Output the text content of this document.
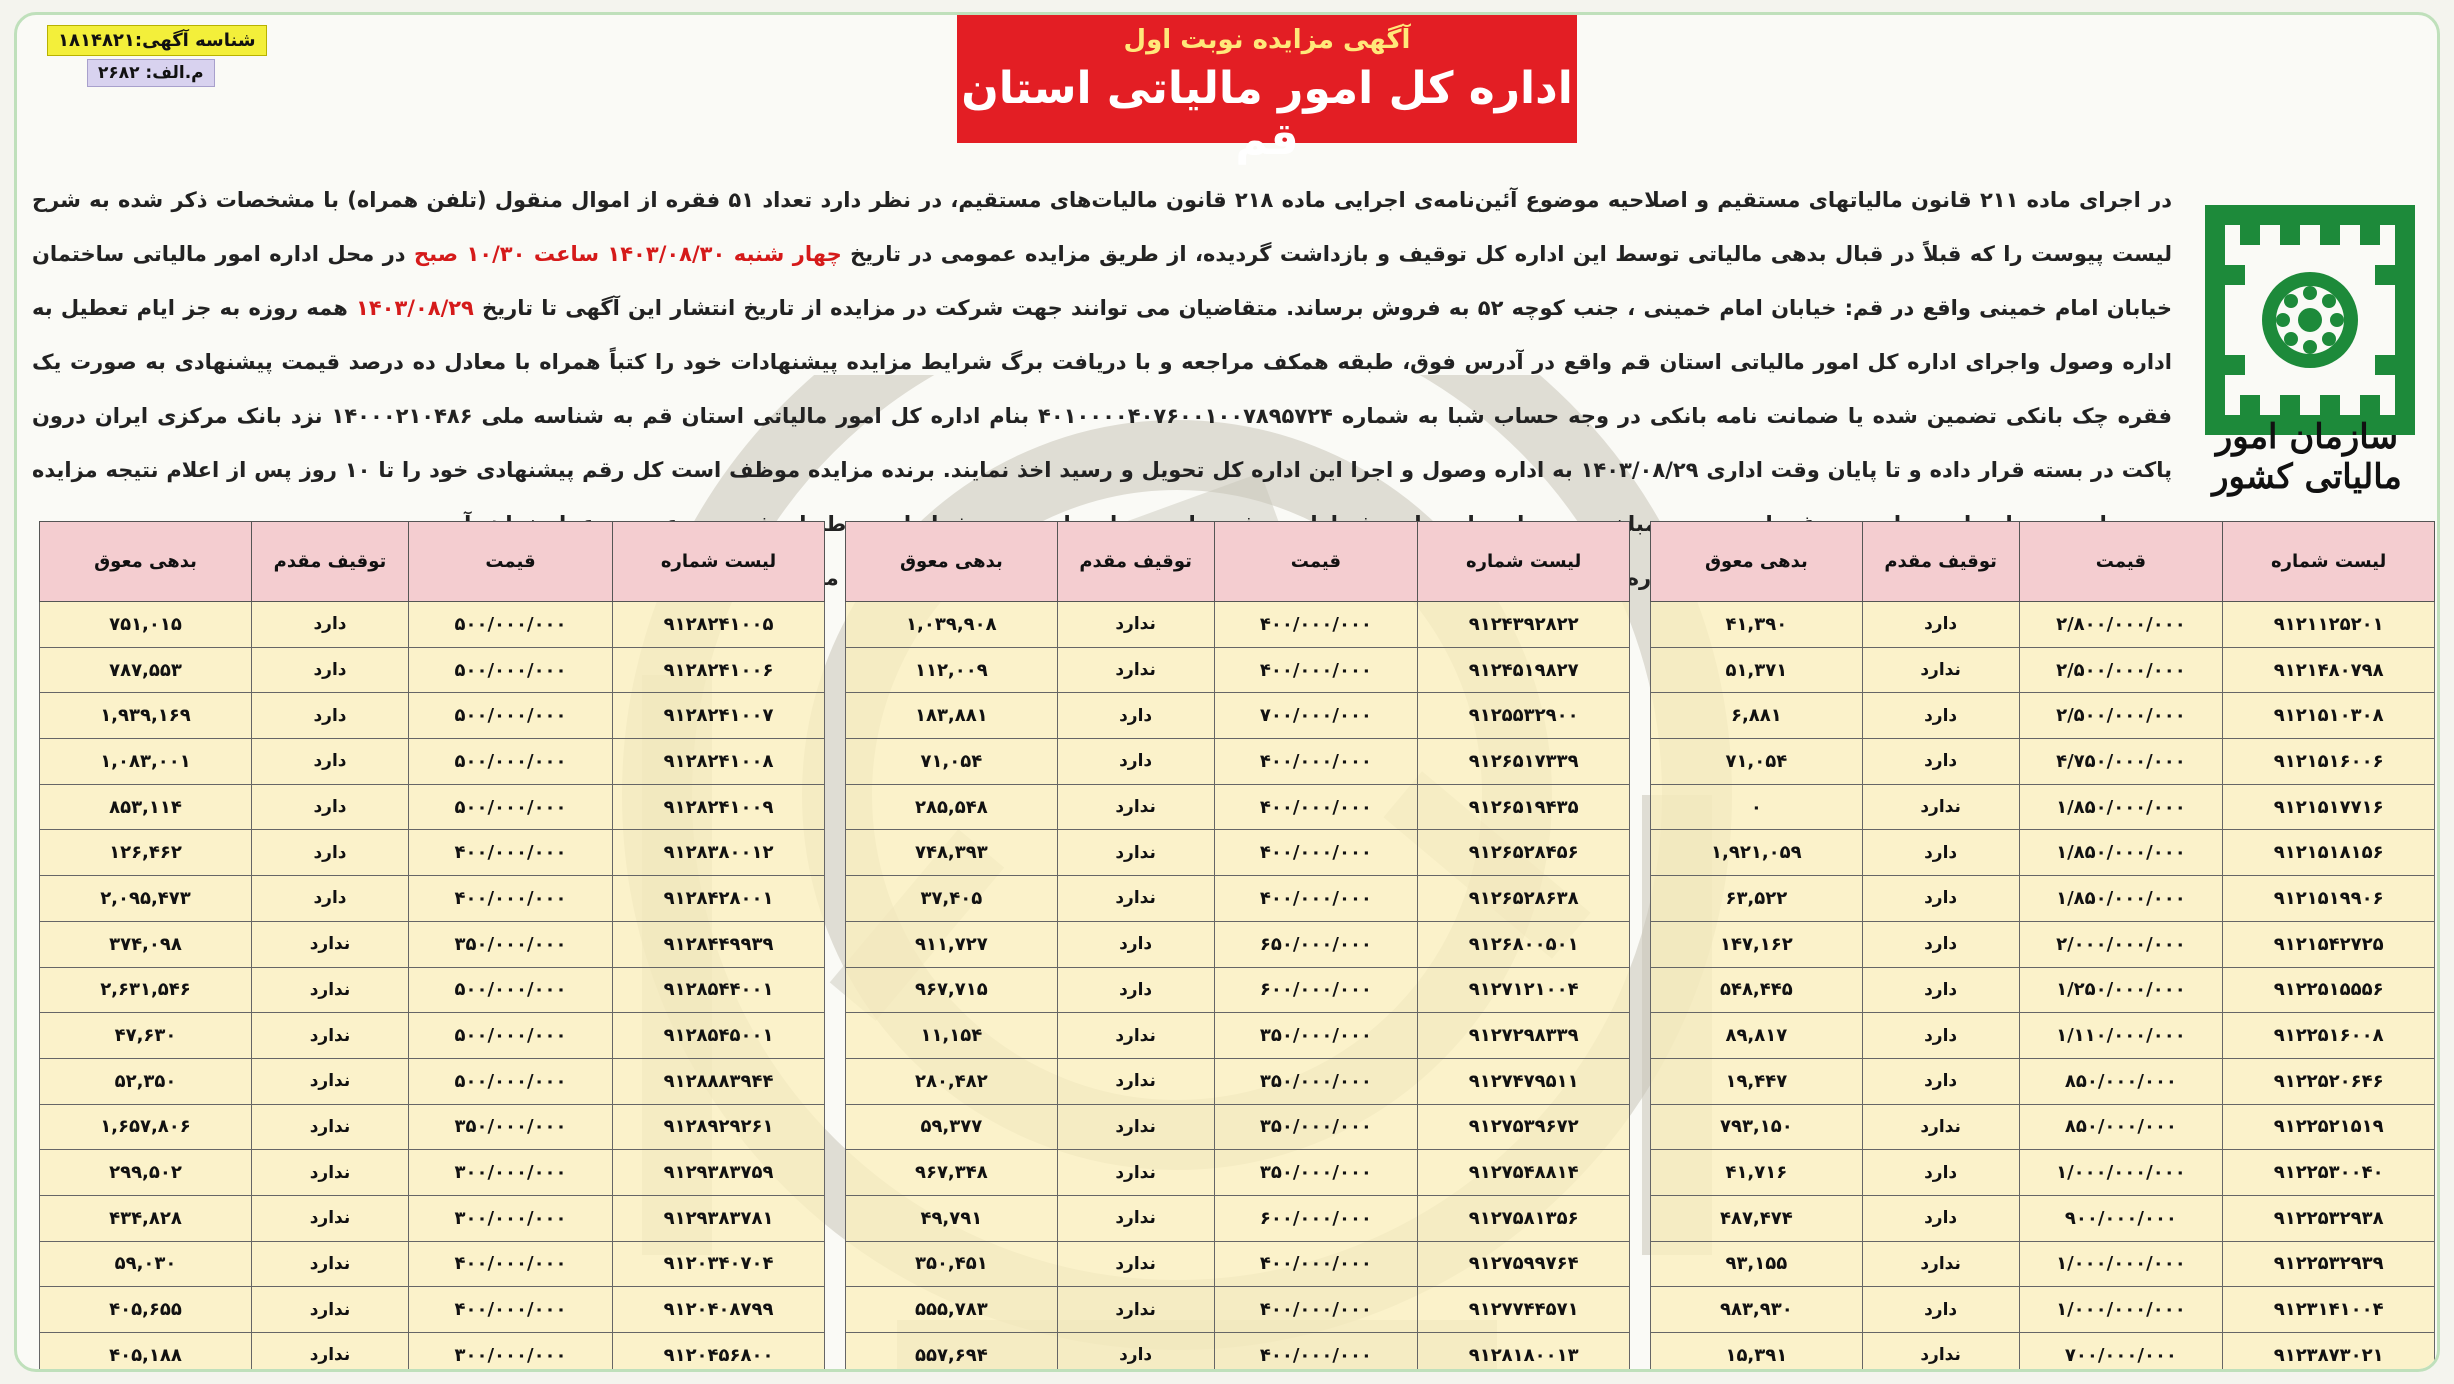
شناسه آگهی:۱۸۱۴۸۲۱
م.الف: ۲۶۸۲
آگهی مزایده نوبت اول
اداره کل امور مالیاتی استان قم
سازمان امور مالیاتی کشور
در اجرای ماده ۲۱۱ قانون مالیاتهای مستقیم و اصلاحیه موضوع آئین‌نامه‌ی اجرایی ماده ۲۱۸ قانون مالیات‌های مستقیم، در نظر دارد تعداد ۵۱ فقره از اموال منقول (تلفن همراه) با مشخصات ذکر شده به شرح لیست پیوست را که قبلاً در قبال بدهی مالیاتی توسط این اداره کل توقیف و بازداشت گردیده، از طریق مزایده عمومی در تاریخ چهار شنبه ۱۴۰۳/۰۸/۳۰ ساعت ۱۰/۳۰ صبح در محل اداره امور مالیاتی ساختمان خیابان امام خمینی واقع در قم: خیابان امام خمینی ، جنب کوچه ۵۲ به فروش برساند. متقاضیان می توانند جهت شرکت در مزایده از تاریخ انتشار این آگهی تا تاریخ ۱۴۰۳/۰۸/۲۹ همه روزه به جز ایام تعطیل به اداره وصول واجرای اداره کل امور مالیاتی استان قم واقع در آدرس فوق، طبقه همکف مراجعه و با دریافت برگ شرایط مزایده پیشنهادات خود را کتباً همراه با معادل ده درصد قیمت پیشنهادی به صورت یک فقره چک بانکی تضمین شده یا ضمانت نامه بانکی در وجه حساب شبا به شماره ۴۰۱۰۰۰۰۴۰۷۶۰۰۱۰۰۷۸۹۵۷۲۴ بنام اداره کل امور مالیاتی استان قم به شناسه ملی ۱۴۰۰۰۲۱۰۴۸۶ نزد بانک مرکزی ایران درون پاکت در بسته قرار داده و تا پایان وقت اداری ۱۴۰۳/۰۸/۲۹ به اداره وصول و اجرا این اداره کل تحویل و رسید اخذ نمایند. برنده مزایده موظف است کل رقم پیشنهادی خود را تا ۱۰ روز پس از اعلام نتیجه مزایده مبلغ

لیست شماره	قیمت	توقیف مقدم	بدهی معوق
۹۱۲۱۱۲۵۲۰۱	۲/۸۰۰/۰۰۰/۰۰۰	دارد	۴۱,۳۹۰
۹۱۲۱۴۸۰۷۹۸	۲/۵۰۰/۰۰۰/۰۰۰	ندارد	۵۱,۳۷۱
۹۱۲۱۵۱۰۳۰۸	۲/۵۰۰/۰۰۰/۰۰۰	دارد	۶,۸۸۱
۹۱۲۱۵۱۶۰۰۶	۴/۷۵۰/۰۰۰/۰۰۰	دارد	۷۱,۰۵۴
۹۱۲۱۵۱۷۷۱۶	۱/۸۵۰/۰۰۰/۰۰۰	ندارد	۰
۹۱۲۱۵۱۸۱۵۶	۱/۸۵۰/۰۰۰/۰۰۰	دارد	۱,۹۲۱,۰۵۹
۹۱۲۱۵۱۹۹۰۶	۱/۸۵۰/۰۰۰/۰۰۰	دارد	۶۳,۵۲۲
۹۱۲۱۵۴۲۷۲۵	۲/۰۰۰/۰۰۰/۰۰۰	دارد	۱۴۷,۱۶۲
۹۱۲۲۵۱۵۵۵۶	۱/۲۵۰/۰۰۰/۰۰۰	دارد	۵۴۸,۴۴۵
۹۱۲۲۵۱۶۰۰۸	۱/۱۱۰/۰۰۰/۰۰۰	دارد	۸۹,۸۱۷
۹۱۲۲۵۲۰۶۴۶	۸۵۰/۰۰۰/۰۰۰	دارد	۱۹,۴۴۷
۹۱۲۲۵۲۱۵۱۹	۸۵۰/۰۰۰/۰۰۰	ندارد	۷۹۳,۱۵۰
۹۱۲۲۵۳۰۰۴۰	۱/۰۰۰/۰۰۰/۰۰۰	دارد	۴۱,۷۱۶
۹۱۲۲۵۳۲۹۳۸	۹۰۰/۰۰۰/۰۰۰	دارد	۴۸۷,۴۷۴
۹۱۲۲۵۳۲۹۳۹	۱/۰۰۰/۰۰۰/۰۰۰	ندارد	۹۳,۱۵۵
۹۱۲۳۱۴۱۰۰۴	۱/۰۰۰/۰۰۰/۰۰۰	دارد	۹۸۳,۹۳۰
۹۱۲۳۸۷۳۰۲۱	۷۰۰/۰۰۰/۰۰۰	ندارد	۱۵,۳۹۱
لیست شماره	قیمت	توقیف مقدم	بدهی معوق
۹۱۲۴۳۹۲۸۲۲	۴۰۰/۰۰۰/۰۰۰	ندارد	۱,۰۳۹,۹۰۸
۹۱۲۴۵۱۹۸۲۷	۴۰۰/۰۰۰/۰۰۰	ندارد	۱۱۲,۰۰۹
۹۱۲۵۵۳۲۹۰۰	۷۰۰/۰۰۰/۰۰۰	دارد	۱۸۳,۸۸۱
۹۱۲۶۵۱۷۳۳۹	۴۰۰/۰۰۰/۰۰۰	دارد	۷۱,۰۵۴
۹۱۲۶۵۱۹۴۳۵	۴۰۰/۰۰۰/۰۰۰	ندارد	۲۸۵,۵۴۸
۹۱۲۶۵۲۸۴۵۶	۴۰۰/۰۰۰/۰۰۰	ندارد	۷۴۸,۳۹۳
۹۱۲۶۵۲۸۶۳۸	۴۰۰/۰۰۰/۰۰۰	ندارد	۳۷,۴۰۵
۹۱۲۶۸۰۰۵۰۱	۶۵۰/۰۰۰/۰۰۰	دارد	۹۱۱,۷۲۷
۹۱۲۷۱۲۱۰۰۴	۶۰۰/۰۰۰/۰۰۰	دارد	۹۶۷,۷۱۵
۹۱۲۷۲۹۸۳۳۹	۳۵۰/۰۰۰/۰۰۰	ندارد	۱۱,۱۵۴
۹۱۲۷۴۷۹۵۱۱	۳۵۰/۰۰۰/۰۰۰	ندارد	۲۸۰,۴۸۲
۹۱۲۷۵۳۹۶۷۲	۳۵۰/۰۰۰/۰۰۰	ندارد	۵۹,۳۷۷
۹۱۲۷۵۴۸۸۱۴	۳۵۰/۰۰۰/۰۰۰	ندارد	۹۶۷,۳۴۸
۹۱۲۷۵۸۱۳۵۶	۶۰۰/۰۰۰/۰۰۰	ندارد	۴۹,۷۹۱
۹۱۲۷۵۹۹۷۶۴	۴۰۰/۰۰۰/۰۰۰	ندارد	۳۵۰,۴۵۱
۹۱۲۷۷۴۴۵۷۱	۴۰۰/۰۰۰/۰۰۰	ندارد	۵۵۵,۷۸۳
۹۱۲۸۱۸۰۰۱۳	۴۰۰/۰۰۰/۰۰۰	دارد	۵۵۷,۶۹۴
لیست شماره	قیمت	توقیف مقدم	بدهی معوق
۹۱۲۸۲۴۱۰۰۵	۵۰۰/۰۰۰/۰۰۰	دارد	۷۵۱,۰۱۵
۹۱۲۸۲۴۱۰۰۶	۵۰۰/۰۰۰/۰۰۰	دارد	۷۸۷,۵۵۳
۹۱۲۸۲۴۱۰۰۷	۵۰۰/۰۰۰/۰۰۰	دارد	۱,۹۳۹,۱۶۹
۹۱۲۸۲۴۱۰۰۸	۵۰۰/۰۰۰/۰۰۰	دارد	۱,۰۸۳,۰۰۱
۹۱۲۸۲۴۱۰۰۹	۵۰۰/۰۰۰/۰۰۰	دارد	۸۵۳,۱۱۴
۹۱۲۸۳۸۰۰۱۲	۴۰۰/۰۰۰/۰۰۰	دارد	۱۲۶,۴۶۲
۹۱۲۸۴۲۸۰۰۱	۴۰۰/۰۰۰/۰۰۰	دارد	۲,۰۹۵,۴۷۳
۹۱۲۸۴۴۹۹۳۹	۳۵۰/۰۰۰/۰۰۰	ندارد	۳۷۴,۰۹۸
۹۱۲۸۵۴۴۰۰۱	۵۰۰/۰۰۰/۰۰۰	ندارد	۲,۶۳۱,۵۴۶
۹۱۲۸۵۴۵۰۰۱	۵۰۰/۰۰۰/۰۰۰	ندارد	۴۷,۶۳۰
۹۱۲۸۸۸۳۹۴۴	۵۰۰/۰۰۰/۰۰۰	ندارد	۵۲,۳۵۰
۹۱۲۸۹۲۹۲۶۱	۳۵۰/۰۰۰/۰۰۰	ندارد	۱,۶۵۷,۸۰۶
۹۱۲۹۳۸۳۷۵۹	۳۰۰/۰۰۰/۰۰۰	ندارد	۲۹۹,۵۰۲
۹۱۲۹۳۸۳۷۸۱	۳۰۰/۰۰۰/۰۰۰	ندارد	۴۳۴,۸۲۸
۹۱۲۰۳۴۰۷۰۴	۴۰۰/۰۰۰/۰۰۰	ندارد	۵۹,۰۳۰
۹۱۲۰۴۰۸۷۹۹	۴۰۰/۰۰۰/۰۰۰	ندارد	۴۰۵,۶۵۵
۹۱۲۰۴۵۶۸۰۰	۳۰۰/۰۰۰/۰۰۰	ندارد	۴۰۵,۱۸۸
